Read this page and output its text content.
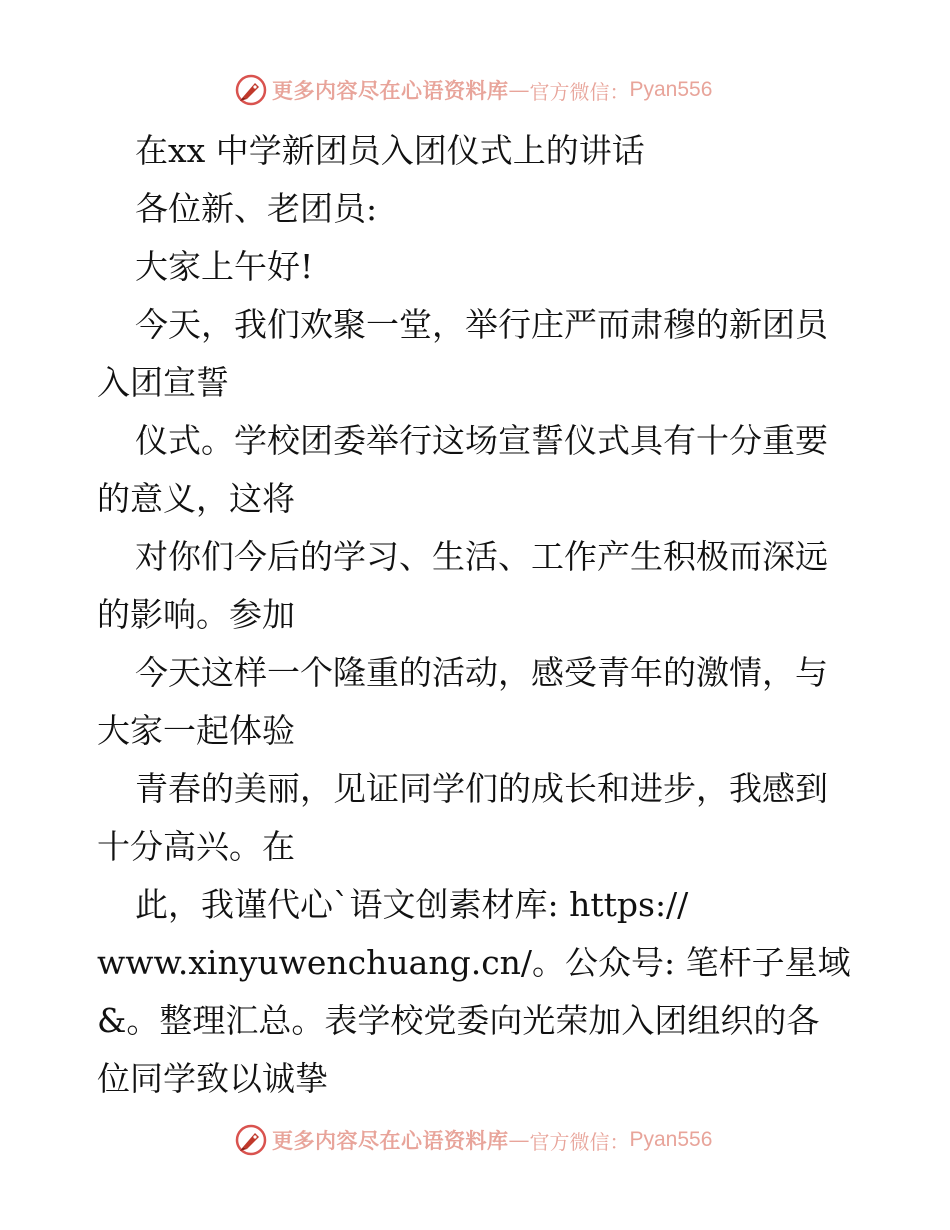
更多内容尽在心语资料库 — 官方微信： Pyan556
在xx 中学新团员入团仪式上的讲话
各位新、老团员:
大家上午好!
今天，我们欢聚一堂，举行庄严而肃穆的新团员
入团宣誓
仪式。学校团委举行这场宣誓仪式具有十分重要
的意义，这将
对你们今后的学习、生活、工作产生积极而深远
的影响。参加
今天这样一个隆重的活动，感受青年的激情，与
大家一起体验
青春的美丽，见证同学们的成长和进步，我感到
十分高兴。在
此，我谨代心`语文创素材库: https://
www.xinyuwenchuang.cn/。公众号: 笔杆子星域
&。整理汇总。表学校党委向光荣加入团组织的各
位同学致以诚挚
更多内容尽在心语资料库 — 官方微信： Pyan556
